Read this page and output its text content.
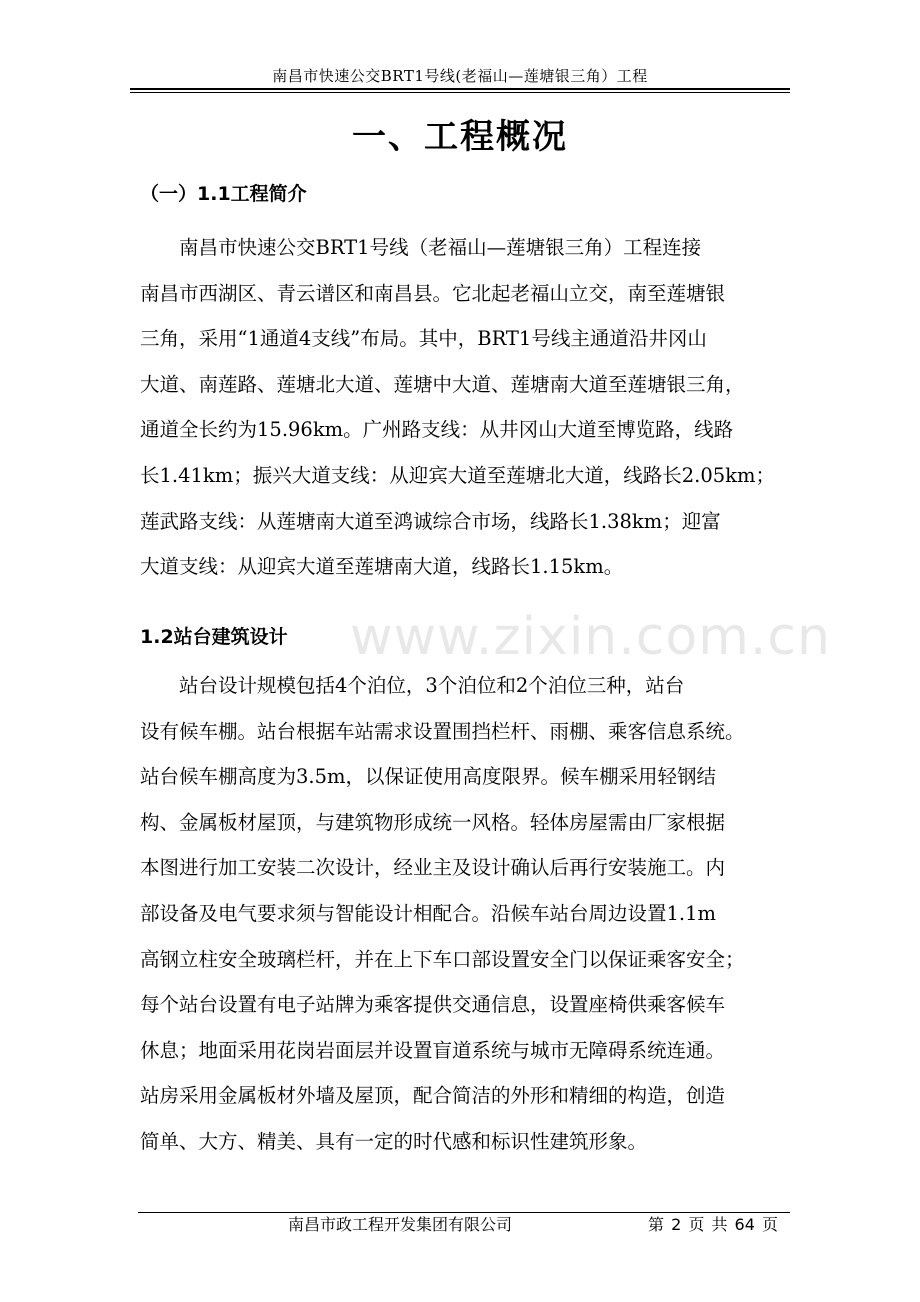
南昌市快速公交BRT1号线(老福山—莲塘银三角）工程
一、工程概况
（一）1.1工程简介
　　南昌市快速公交BRT1号线（老福山—莲塘银三角）工程连接
南昌市西湖区、青云谱区和南昌县。它北起老福山立交，南至莲塘银
三角，采用“1通道4支线”布局。其中，BRT1号线主通道沿井冈山
大道、南莲路、莲塘北大道、莲塘中大道、莲塘南大道至莲塘银三角，
通道全长约为15.96km。广州路支线：从井冈山大道至博览路，线路
长1.41km；振兴大道支线：从迎宾大道至莲塘北大道，线路长2.05km；
莲武路支线：从莲塘南大道至鸿诚综合市场，线路长1.38km；迎富
大道支线：从迎宾大道至莲塘南大道，线路长1.15km。
1.2站台建筑设计
　　站台设计规模包括4个泊位，3个泊位和2个泊位三种，站台
设有候车棚。站台根据车站需求设置围挡栏杆、雨棚、乘客信息系统。
站台候车棚高度为3.5m，以保证使用高度限界。候车棚采用轻钢结
构、金属板材屋顶，与建筑物形成统一风格。轻体房屋需由厂家根据
本图进行加工安装二次设计，经业主及设计确认后再行安装施工。内
部设备及电气要求须与智能设计相配合。沿候车站台周边设置1.1m
高钢立柱安全玻璃栏杆，并在上下车口部设置安全门以保证乘客安全；
每个站台设置有电子站牌为乘客提供交通信息，设置座椅供乘客候车
休息；地面采用花岗岩面层并设置盲道系统与城市无障碍系统连通。
站房采用金属板材外墙及屋顶，配合简洁的外形和精细的构造，创造
简单、大方、精美、具有一定的时代感和标识性建筑形象。
www.zixin.com.cn
南昌市政工程开发集团有限公司	第 2 页 共 64 页
